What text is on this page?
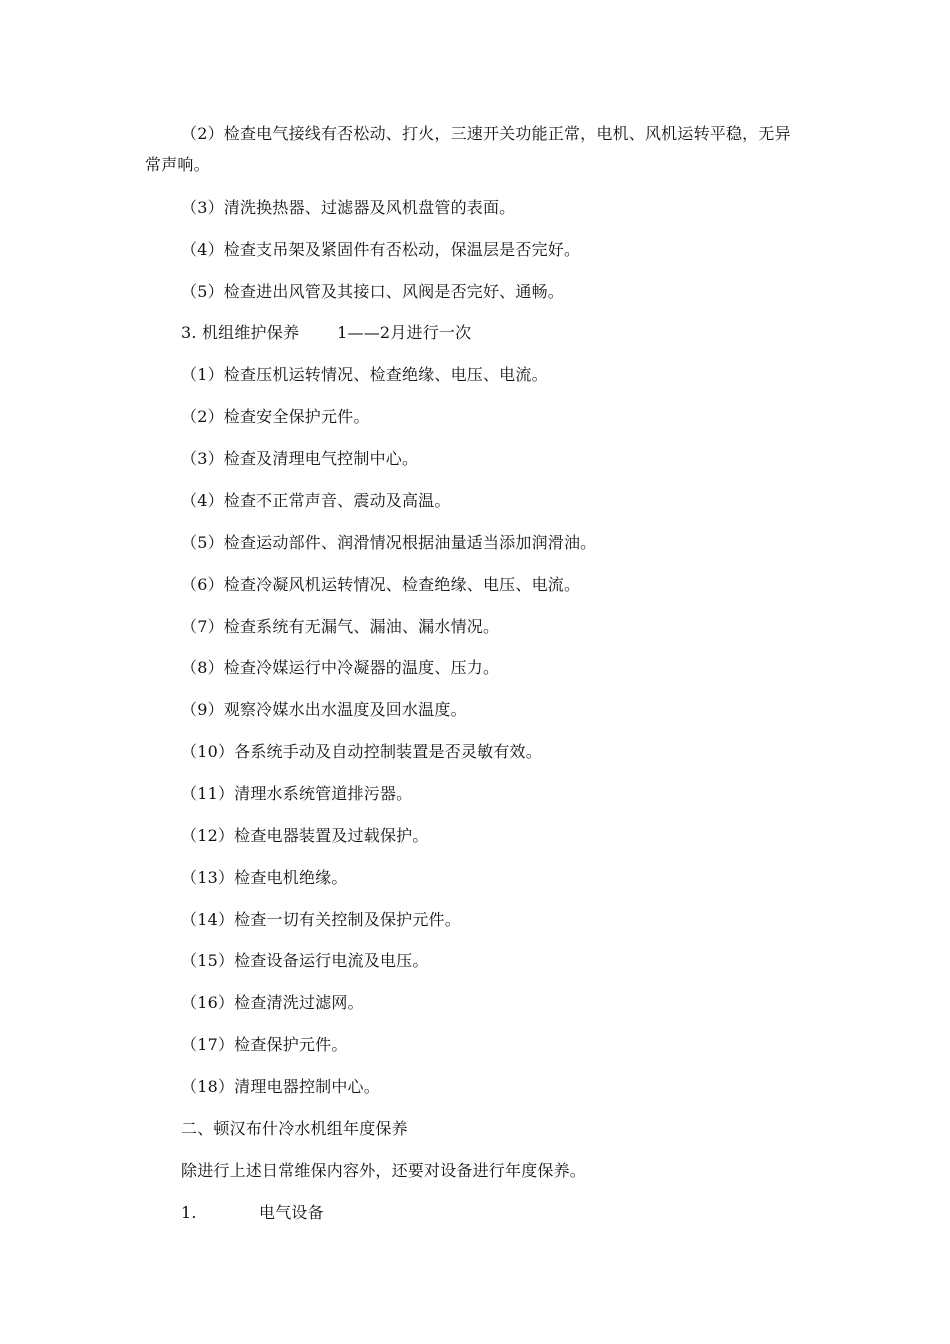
（2）检查电气接线有否松动、打火，三速开关功能正常，电机、风机运转平稳，无异
常声响。
（3）清洗换热器、过滤器及风机盘管的表面。
（4）检查支吊架及紧固件有否松动，保温层是否完好。
（5）检查进出风管及其接口、风阀是否完好、通畅。
3. 机组维护保养 1——2月进行一次
（1）检查压机运转情况、检查绝缘、电压、电流。
（2）检查安全保护元件。
（3）检查及清理电气控制中心。
（4）检查不正常声音、震动及高温。
（5）检查运动部件、润滑情况根据油量适当添加润滑油。
（6）检查冷凝风机运转情况、检查绝缘、电压、电流。
（7）检查系统有无漏气、漏油、漏水情况。
（8）检查冷媒运行中冷凝器的温度、压力。
（9）观察冷媒水出水温度及回水温度。
（10）各系统手动及自动控制装置是否灵敏有效。
（11）清理水系统管道排污器。
（12）检查电器装置及过载保护。
（13）检查电机绝缘。
（14）检查一切有关控制及保护元件。
（15）检查设备运行电流及电压。
（16）检查清洗过滤网。
（17）检查保护元件。
（18）清理电器控制中心。
二、顿汉布什冷水机组年度保养
除进行上述日常维保内容外，还要对设备进行年度保养。
1.	电气设备
